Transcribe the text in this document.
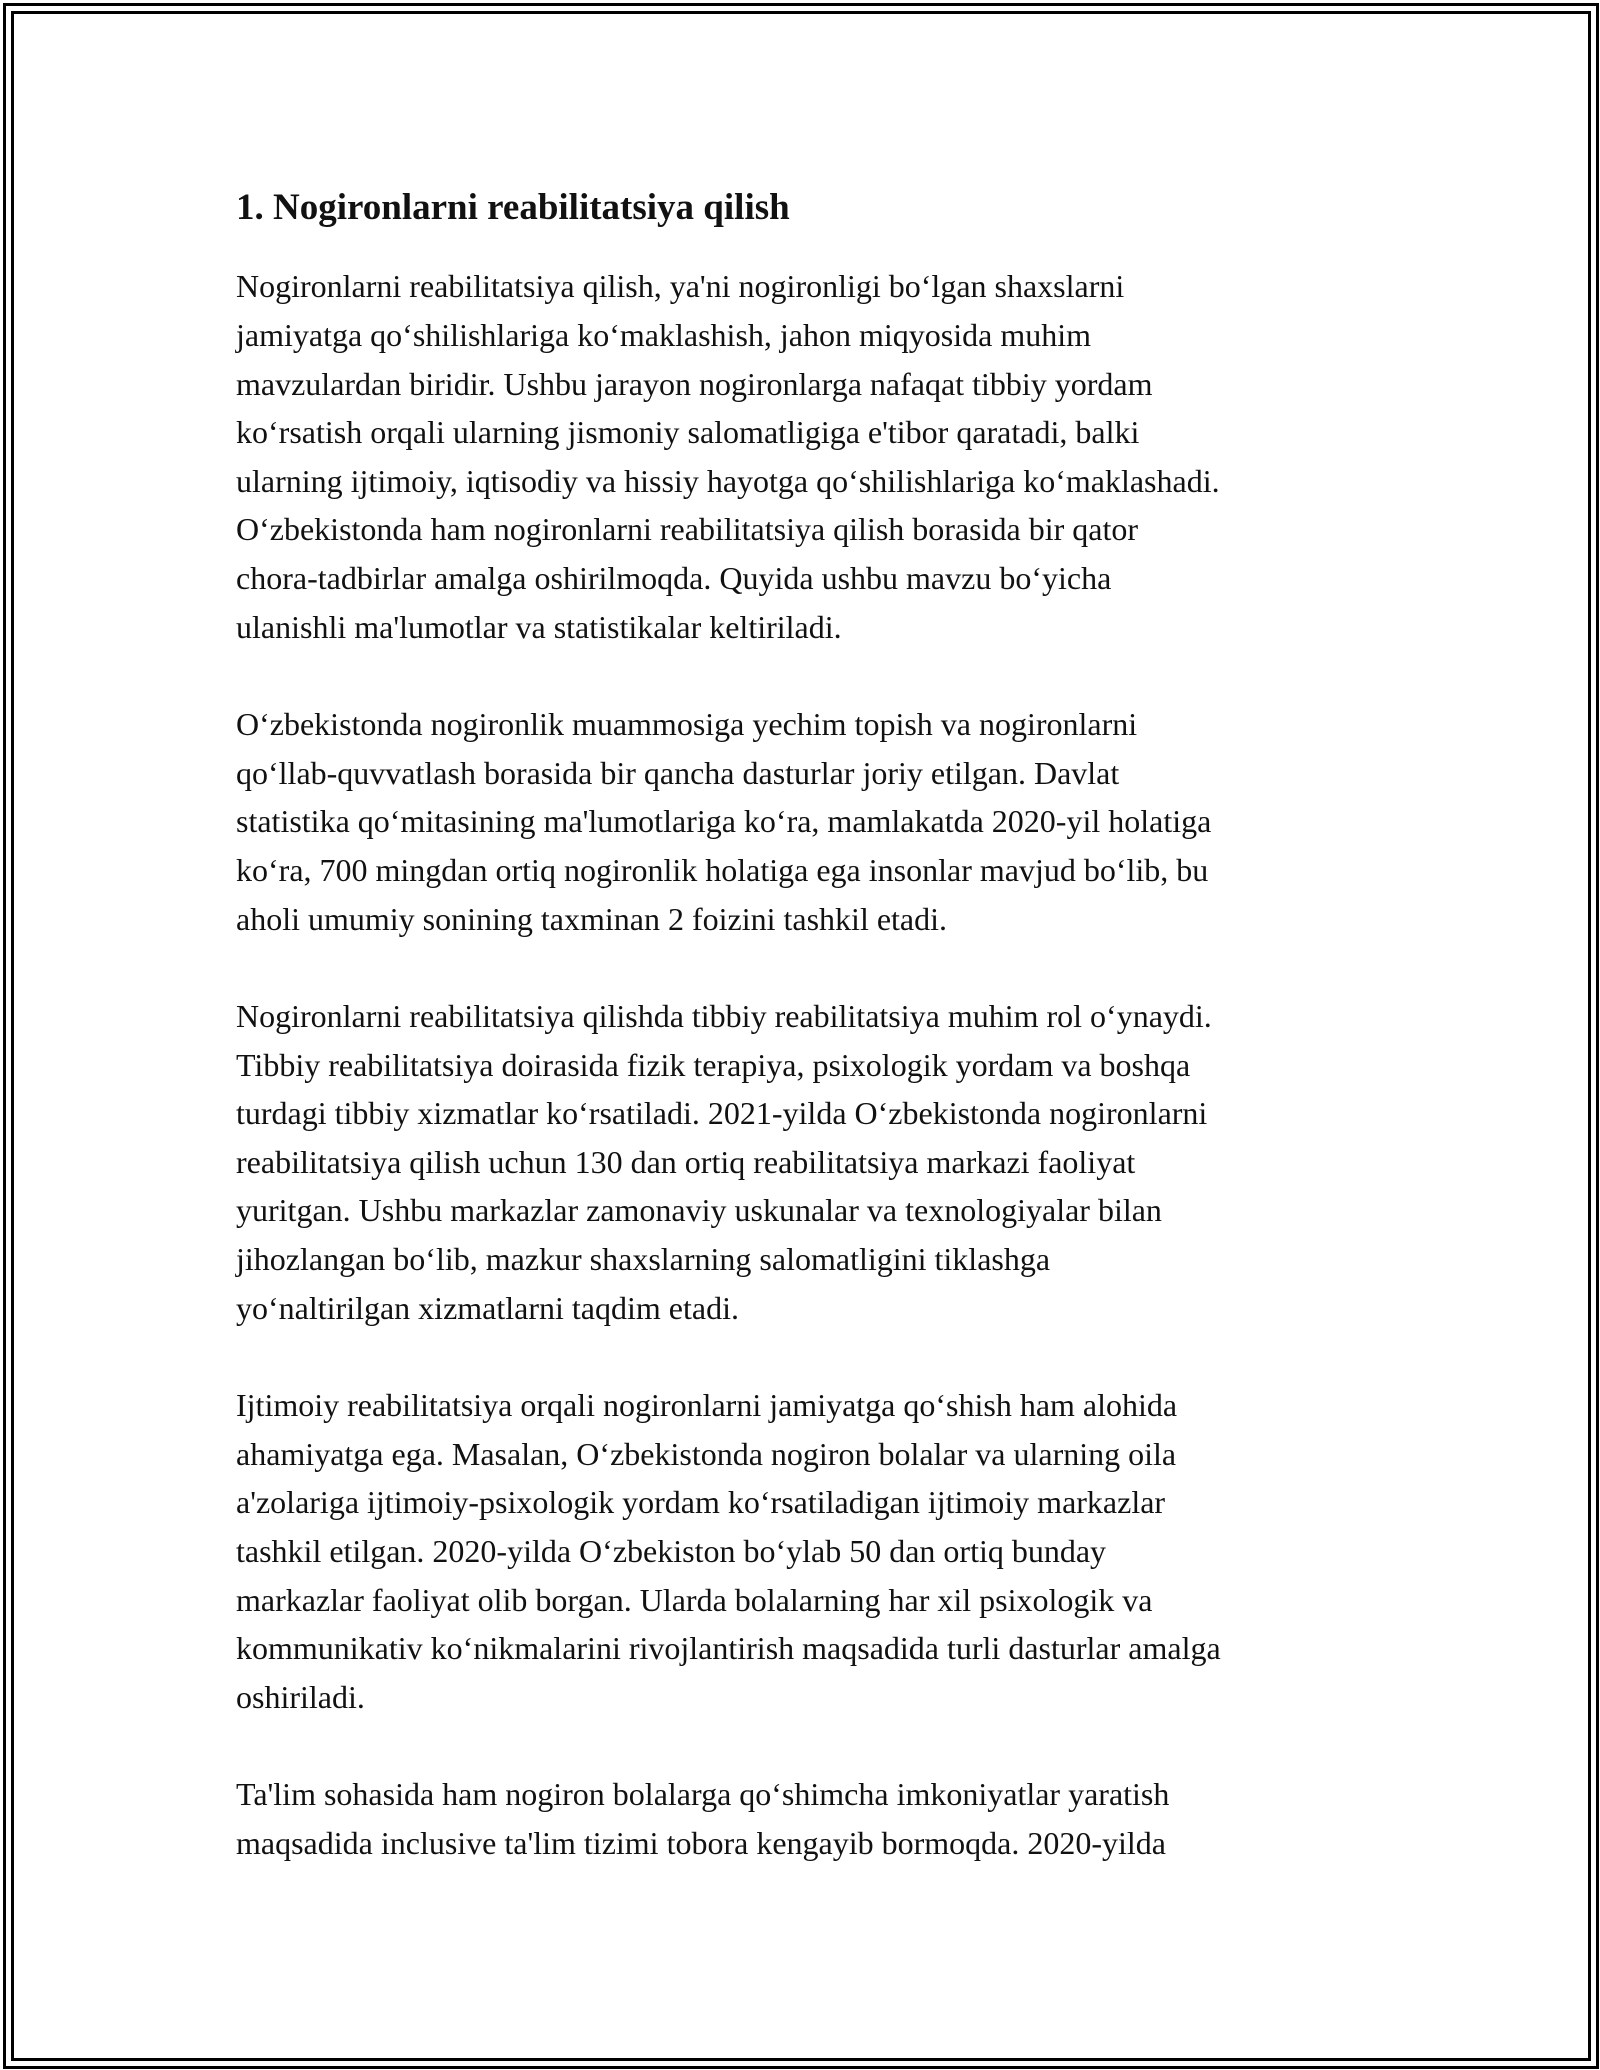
1. Nogironlarni reabilitatsiya qilish

Nogironlarni reabilitatsiya qilish, ya'ni nogironligi boʻlgan shaxslarni
jamiyatga qoʻshilishlariga koʻmaklashish, jahon miqyosida muhim
mavzulardan biridir. Ushbu jarayon nogironlarga nafaqat tibbiy yordam
koʻrsatish orqali ularning jismoniy salomatligiga e'tibor qaratadi, balki
ularning ijtimoiy, iqtisodiy va hissiy hayotga qoʻshilishlariga koʻmaklashadi.
Oʻzbekistonda ham nogironlarni reabilitatsiya qilish borasida bir qator
chora-tadbirlar amalga oshirilmoqda. Quyida ushbu mavzu boʻyicha
ulanishli ma'lumotlar va statistikalar keltiriladi.

Oʻzbekistonda nogironlik muammosiga yechim topish va nogironlarni
qoʻllab-quvvatlash borasida bir qancha dasturlar joriy etilgan. Davlat
statistika qoʻmitasining ma'lumotlariga koʻra, mamlakatda 2020-yil holatiga
koʻra, 700 mingdan ortiq nogironlik holatiga ega insonlar mavjud boʻlib, bu
aholi umumiy sonining taxminan 2 foizini tashkil etadi.

Nogironlarni reabilitatsiya qilishda tibbiy reabilitatsiya muhim rol oʻynaydi.
Tibbiy reabilitatsiya doirasida fizik terapiya, psixologik yordam va boshqa
turdagi tibbiy xizmatlar koʻrsatiladi. 2021-yilda Oʻzbekistonda nogironlarni
reabilitatsiya qilish uchun 130 dan ortiq reabilitatsiya markazi faoliyat
yuritgan. Ushbu markazlar zamonaviy uskunalar va texnologiyalar bilan
jihozlangan boʻlib, mazkur shaxslarning salomatligini tiklashga
yoʻnaltirilgan xizmatlarni taqdim etadi.

Ijtimoiy reabilitatsiya orqali nogironlarni jamiyatga qoʻshish ham alohida
ahamiyatga ega. Masalan, Oʻzbekistonda nogiron bolalar va ularning oila
a'zolariga ijtimoiy-psixologik yordam koʻrsatiladigan ijtimoiy markazlar
tashkil etilgan. 2020-yilda Oʻzbekiston boʻylab 50 dan ortiq bunday
markazlar faoliyat olib borgan. Ularda bolalarning har xil psixologik va
kommunikativ koʻnikmalarini rivojlantirish maqsadida turli dasturlar amalga
oshiriladi.

Ta'lim sohasida ham nogiron bolalarga qoʻshimcha imkoniyatlar yaratish
maqsadida inclusive ta'lim tizimi tobora kengayib bormoqda. 2020-yilda
